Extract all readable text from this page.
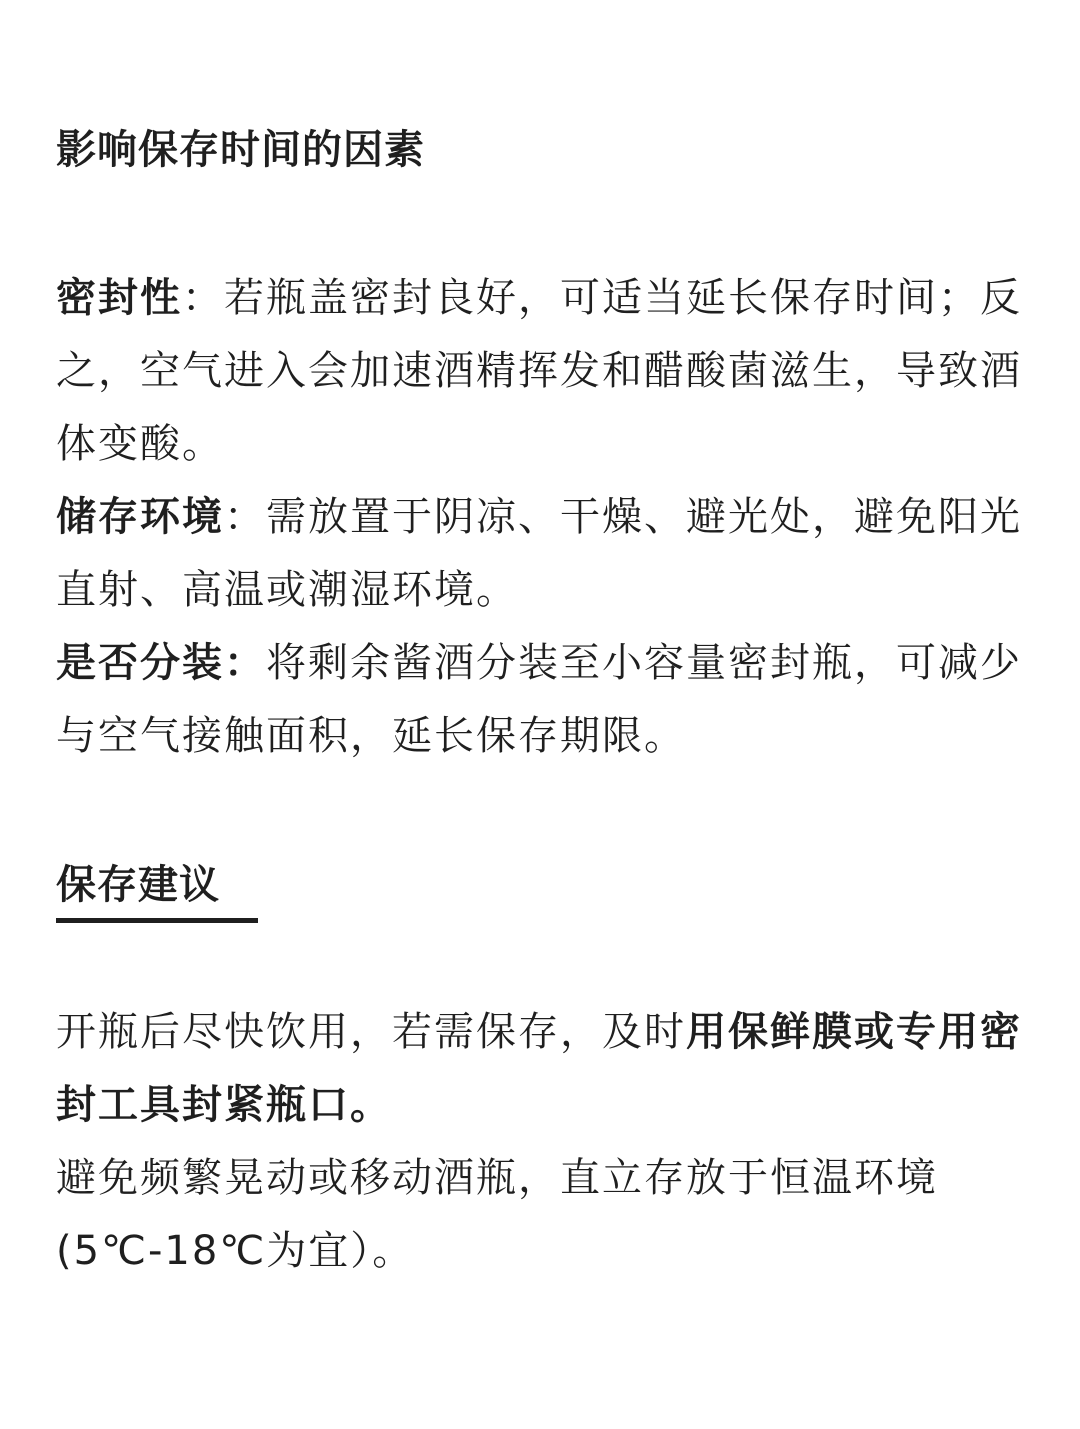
影响保存时间的因素

密封性：若瓶盖密封良好，可适当延长保存时间；反之，空气进入会加速酒精挥发和醋酸菌滋生，导致酒体变酸。

储存环境：需放置于阴凉、干燥、避光处，避免阳光直射、高温或潮湿环境。

是否分装：将剩余酱酒分装至小容量密封瓶，可减少与空气接触面积，延长保存期限。

保存建议

开瓶后尽快饮用，若需保存，及时用保鲜膜或专用密封工具封紧瓶口。

避免频繁晃动或移动酒瓶，直立存放于恒温环境(5℃-18℃为宜）。
